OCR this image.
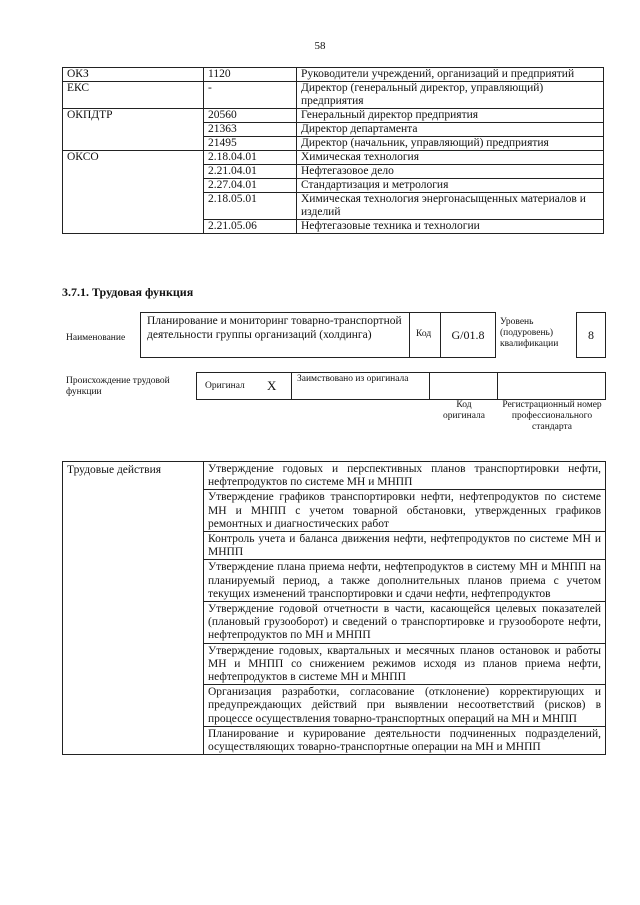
58
ОКЗ	1120	Руководители учреждений, организаций и предприятий
ЕКС	-	Директор (генеральный директор, управляющий) предприятия
ОКПДТР	20560	Генеральный директор предприятия
	21363	Директор департамента
	21495	Директор (начальник, управляющий) предприятия
ОКСО	2.18.04.01	Химическая технология
	2.21.04.01	Нефтегазовое дело
	2.27.04.01	Стандартизация и метрология
	2.18.05.01	Химическая технология энергонасыщенных материалов и изделий
	2.21.05.06	Нефтегазовые техника и технологии
3.7.1. Трудовая функция
Наименование
Планирование и мониторинг товарно-транспортной деятельности группы организаций (холдинга)	Код	G/01.8
Уровень (подуровень) квалификации
8
Происхождение трудовой функции
Оригинал X Заимствовано из оригинала
Код оригинала
Регистрационный номер профессионального стандарта
Трудовые действия	Утверждение годовых и перспективных планов транспортировки нефти, нефтепродуктов по системе МН и МНПП
Утверждение графиков транспортировки нефти, нефтепродуктов по системе МН и МНПП с учетом товарной обстановки, утвержденных графиков ремонтных и диагностических работ
Контроль учета и баланса движения нефти, нефтепродуктов по системе МН и МНПП
Утверждение плана приема нефти, нефтепродуктов в систему МН и МНПП на планируемый период, а также дополнительных планов приема с учетом текущих изменений транспортировки и сдачи нефти, нефтепродуктов
Утверждение годовой отчетности в части, касающейся целевых показателей (плановый грузооборот) и сведений о транспортировке и грузообороте нефти, нефтепродуктов по МН и МНПП
Утверждение годовых, квартальных и месячных планов остановок и работы МН и МНПП со снижением режимов исходя из планов приема нефти, нефтепродуктов в системе МН и МНПП
Организация разработки, согласование (отклонение) корректирующих и предупреждающих действий при выявлении несоответствий (рисков) в процессе осуществления товарно-транспортных операций на МН и МНПП
Планирование и курирование деятельности подчиненных подразделений, осуществляющих товарно-транспортные операции на МН и МНПП
